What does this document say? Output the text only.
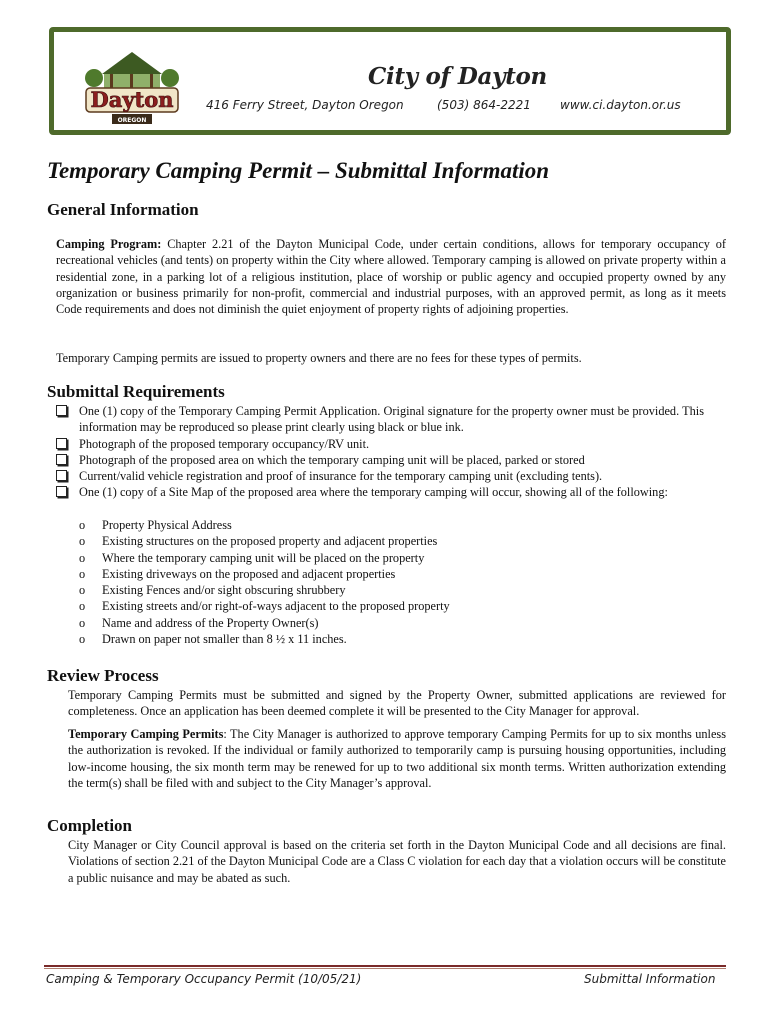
Dayton
OREGON
City of Dayton
416 Ferry Street, Dayton Oregon	(503) 864-2221 www.ci.dayton.or.us
Temporary Camping Permit – Submittal Information
General Information

Camping Program: Chapter 2.21 of the Dayton Municipal Code, under certain conditions, allows for temporary occupancy of recreational vehicles (and tents) on property within the City where allowed. Temporary camping is allowed on private property within a residential zone, in a parking lot of a religious institution, place of worship or public agency and occupied property owned by any organization or business primarily for non-profit, commercial and industrial purposes, with an approved permit, as long as it meets Code requirements and does not diminish the quiet enjoyment of property rights of adjoining properties.

Temporary Camping permits are issued to property owners and there are no fees for these types of permits.

Submittal Requirements
One (1) copy of the Temporary Camping Permit Application. Original signature for the property owner must be provided. This information may be reproduced so please print clearly using black or blue ink.
Photograph of the proposed temporary occupancy/RV unit.
Photograph of the proposed area on which the temporary camping unit will be placed, parked or stored
Current/valid vehicle registration and proof of insurance for the temporary camping unit (excluding tents).
One (1) copy of a Site Map of the proposed area where the temporary camping will occur, showing all of the following:
o Property Physical Address
o Existing structures on the proposed property and adjacent properties
o Where the temporary camping unit will be placed on the property
o Existing driveways on the proposed and adjacent properties
o Existing Fences and/or sight obscuring shrubbery
o Existing streets and/or right-of-ways adjacent to the proposed property
o Name and address of the Property Owner(s)
o Drawn on paper not smaller than 8 ½ x 11 inches.
Review Process

Temporary Camping Permits must be submitted and signed by the Property Owner, submitted applications are reviewed for completeness. Once an application has been deemed complete it will be presented to the City Manager for approval.

Temporary Camping Permits: The City Manager is authorized to approve temporary Camping Permits for up to six months unless the authorization is revoked. If the individual or family authorized to temporarily camp is pursuing housing opportunities, including low-income housing, the six month term may be renewed for up to two additional six month terms. Written authorization extending the term(s) shall be filed with and subject to the City Manager’s approval.

Completion

City Manager or City Council approval is based on the criteria set forth in the Dayton Municipal Code and all decisions are final. Violations of section 2.21 of the Dayton Municipal Code are a Class C violation for each day that a violation occurs will be constitute a public nuisance and may be abated as such.

Camping & Temporary Occupancy Permit (10/05/21)	Submittal Information
